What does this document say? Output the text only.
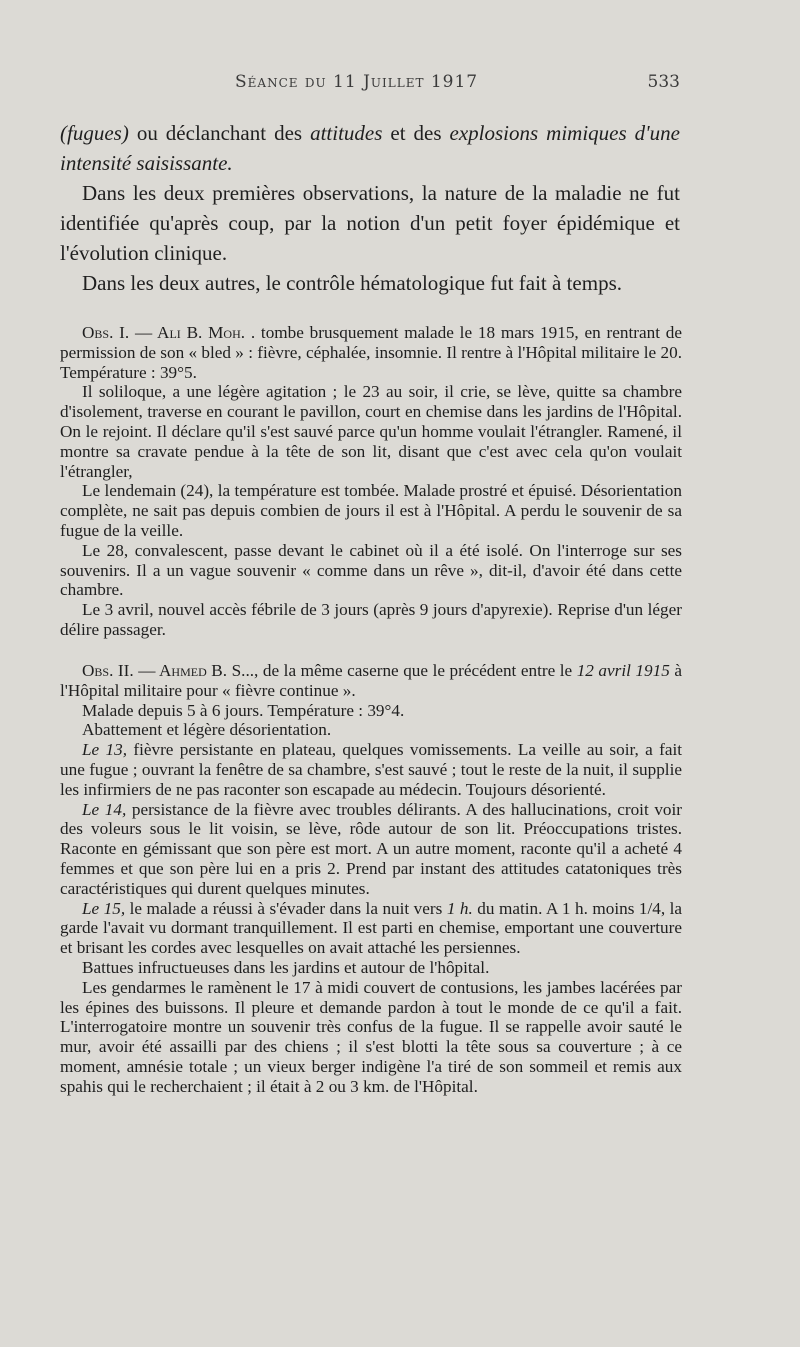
Séance du 11 Juillet 1917	533

(fugues) ou déclanchant des attitudes et des explosions mimiques d'une intensité saisissante.

Dans les deux premières observations, la nature de la maladie ne fut identifiée qu'après coup, par la notion d'un petit foyer épidémique et l'évolution clinique.

Dans les deux autres, le contrôle hématologique fut fait à temps.

Obs. I. — Ali B. Moh. . tombe brusquement malade le 18 mars 1915, en rentrant de permission de son « bled » : fièvre, céphalée, insomnie. Il rentre à l'Hôpital militaire le 20. Température : 39°5.

Il soliloque, a une légère agitation ; le 23 au soir, il crie, se lève, quitte sa chambre d'isolement, traverse en courant le pavillon, court en chemise dans les jardins de l'Hôpital. On le rejoint. Il déclare qu'il s'est sauvé parce qu'un homme voulait l'étrangler. Ramené, il montre sa cravate pendue à la tête de son lit, disant que c'est avec cela qu'on voulait l'étrangler,

Le lendemain (24), la température est tombée. Malade prostré et épuisé. Désorientation complète, ne sait pas depuis combien de jours il est à l'Hôpital. A perdu le souvenir de sa fugue de la veille.

Le 28, convalescent, passe devant le cabinet où il a été isolé. On l'interroge sur ses souvenirs. Il a un vague souvenir « comme dans un rêve », dit-il, d'avoir été dans cette chambre.

Le 3 avril, nouvel accès fébrile de 3 jours (après 9 jours d'apyrexie). Reprise d'un léger délire passager.

Obs. II. — Ahmed B. S..., de la même caserne que le précédent entre le 12 avril 1915 à l'Hôpital militaire pour « fièvre continue ».

Malade depuis 5 à 6 jours. Température : 39°4.

Abattement et légère désorientation.

Le 13, fièvre persistante en plateau, quelques vomissements. La veille au soir, a fait une fugue ; ouvrant la fenêtre de sa chambre, s'est sauvé ; tout le reste de la nuit, il supplie les infirmiers de ne pas raconter son escapade au médecin. Toujours désorienté.

Le 14, persistance de la fièvre avec troubles délirants. A des hallucinations, croit voir des voleurs sous le lit voisin, se lève, rôde autour de son lit. Préoccupations tristes. Raconte en gémissant que son père est mort. A un autre moment, raconte qu'il a acheté 4 femmes et que son père lui en a pris 2. Prend par instant des attitudes catatoniques très caractéristiques qui durent quelques minutes.

Le 15, le malade a réussi à s'évader dans la nuit vers 1 h. du matin. A 1 h. moins 1/4, la garde l'avait vu dormant tranquillement. Il est parti en chemise, emportant une couverture et brisant les cordes avec lesquelles on avait attaché les persiennes.

Battues infructueuses dans les jardins et autour de l'hôpital.

Les gendarmes le ramènent le 17 à midi couvert de contusions, les jambes lacérées par les épines des buissons. Il pleure et demande pardon à tout le monde de ce qu'il a fait. L'interrogatoire montre un souvenir très confus de la fugue. Il se rappelle avoir sauté le mur, avoir été assailli par des chiens ; il s'est blotti la tête sous sa couverture ; à ce moment, amnésie totale ; un vieux berger indigène l'a tiré de son sommeil et remis aux spahis qui le recherchaient ; il était à 2 ou 3 km. de l'Hôpital.
